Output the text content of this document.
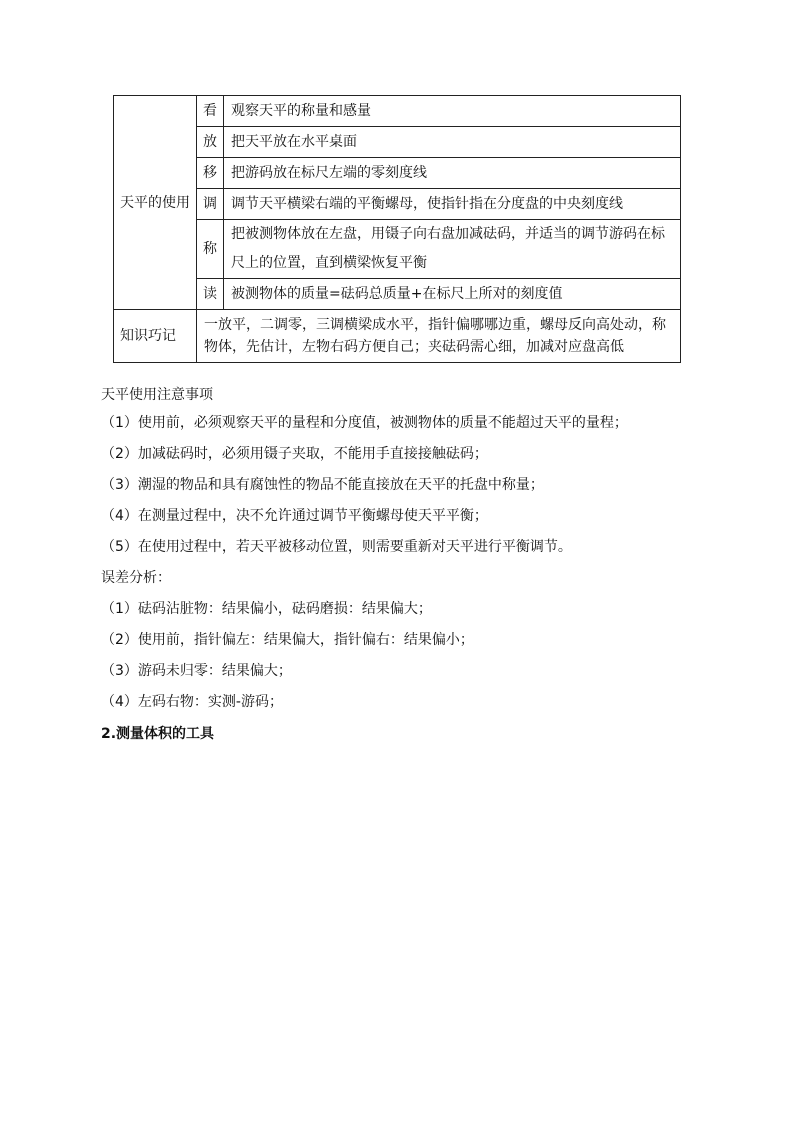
天平的使用	看	观察天平的称量和感量
	放	把天平放在水平桌面
	移	把游码放在标尺左端的零刻度线
	调	调节天平横梁右端的平衡螺母，使指针指在分度盘的中央刻度线
	称	把被测物体放在左盘，用镊子向右盘加减砝码，并适当的调节游码在标尺上的位置，直到横梁恢复平衡
	读	被测物体的质量=砝码总质量+在标尺上所对的刻度值
知识巧记	一放平，二调零，三调横梁成水平，指针偏哪哪边重，螺母反向高处动，称物体，先估计，左物右码方便自己；夹砝码需心细，加减对应盘高低	

天平使用注意事项

（1）使用前，必须观察天平的量程和分度值，被测物体的质量不能超过天平的量程；

（2）加减砝码时，必须用镊子夹取，不能用手直接接触砝码；

（3）潮湿的物品和具有腐蚀性的物品不能直接放在天平的托盘中称量；

（4）在测量过程中，决不允许通过调节平衡螺母使天平平衡；

（5）在使用过程中，若天平被移动位置，则需要重新对天平进行平衡调节。

误差分析：

（1）砝码沾脏物：结果偏小，砝码磨损：结果偏大；

（2）使用前，指针偏左：结果偏大，指针偏右：结果偏小；

（3）游码未归零：结果偏大；

（4）左码右物：实测-游码；

2.测量体积的工具
